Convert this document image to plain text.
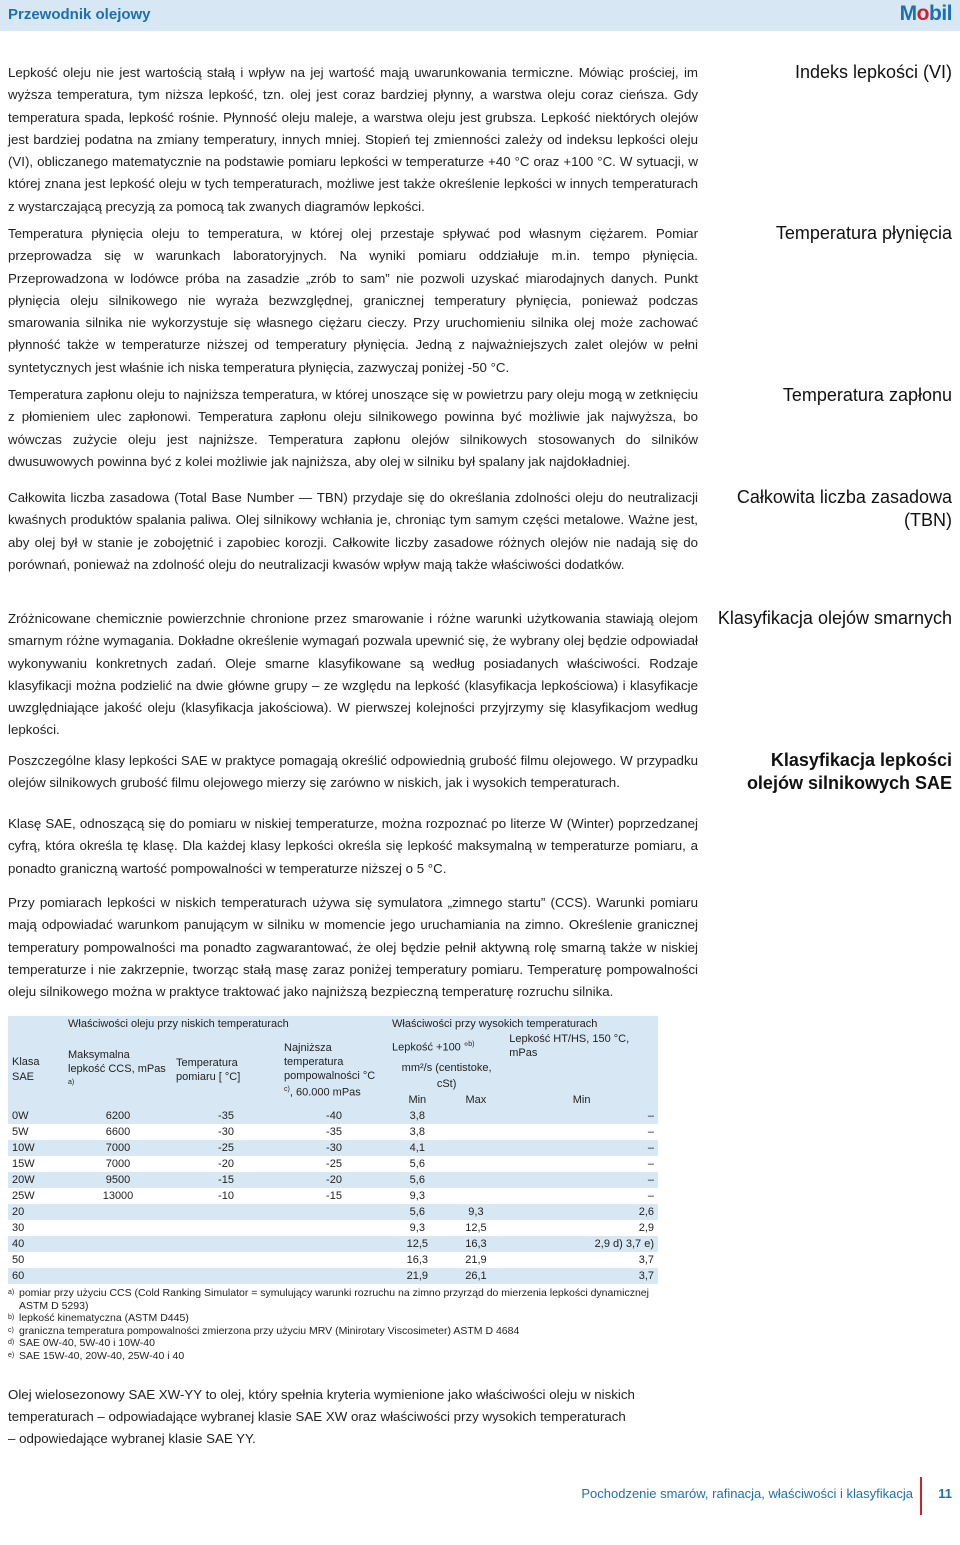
Przewodnik olejowy	Mobil

Lepkość oleju nie jest wartością stałą i wpływ na jej wartość mają uwarunkowania termiczne. Mówiąc prościej, im wyższa temperatura, tym niższa lepkość, tzn. olej jest coraz bardziej płynny, a warstwa oleju coraz cieńsza. Gdy temperatura spada, lepkość rośnie. Płynność oleju maleje, a warstwa oleju jest grubsza. Lepkość niektórych olejów jest bardziej podatna na zmiany temperatury, innych mniej. Stopień tej zmienności zależy od indeksu lepkości oleju (VI), obliczanego matematycznie na podstawie pomiaru lepkości w temperaturze +40 °C oraz +100 °C. W sytuacji, w której znana jest lepkość oleju w tych temperaturach, możliwe jest także określenie lepkości w innych temperaturach z wystarczającą precyzją za pomocą tak zwanych diagramów lepkości.

Indeks lepkości (VI)

Temperatura płynięcia oleju to temperatura, w której olej przestaje spływać pod własnym ciężarem. Pomiar przeprowadza się w warunkach laboratoryjnych. Na wyniki pomiaru oddziałuje m.in. tempo płynięcia. Przeprowadzona w lodówce próba na zasadzie „zrób to sam” nie pozwoli uzyskać miarodajnych danych. Punkt płynięcia oleju silnikowego nie wyraża bezwzględnej, granicznej temperatury płynięcia, ponieważ podczas smarowania silnika nie wykorzystuje się własnego ciężaru cieczy. Przy uruchomieniu silnika olej może zachować płynność także w temperaturze niższej od temperatury płynięcia. Jedną z najważniejszych zalet olejów w pełni syntetycznych jest właśnie ich niska temperatura płynięcia, zazwyczaj poniżej -50 °C.

Temperatura płynięcia

Temperatura zapłonu oleju to najniższa temperatura, w której unoszące się w powietrzu pary oleju mogą w zetknięciu z płomieniem ulec zapłonowi. Temperatura zapłonu oleju silnikowego powinna być możliwie jak najwyższa, bo wówczas zużycie oleju jest najniższe. Temperatura zapłonu olejów silnikowych stosowanych do silników dwusuwowych powinna być z kolei możliwie jak najniższa, aby olej w silniku był spalany jak najdokładniej.

Temperatura zapłonu

Całkowita liczba zasadowa (Total Base Number — TBN) przydaje się do określania zdolności oleju do neutralizacji kwaśnych produktów spalania paliwa. Olej silnikowy wchłania je, chroniąc tym samym części metalowe. Ważne jest, aby olej był w stanie je zobojętnić i zapobiec korozji. Całkowite liczby zasadowe różnych olejów nie nadają się do porównań, ponieważ na zdolność oleju do neutralizacji kwasów wpływ mają także właściwości dodatków.

Całkowita liczba zasadowa (TBN)

Zróżnicowane chemicznie powierzchnie chronione przez smarowanie i różne warunki użytkowania stawiają olejom smarnym różne wymagania. Dokładne określenie wymagań pozwala upewnić się, że wybrany olej będzie odpowiadał wykonywaniu konkretnych zadań. Oleje smarne klasyfikowane są według posiadanych właściwości. Rodzaje klasyfikacji można podzielić na dwie główne grupy – ze względu na lepkość (klasyfikacja lepkościowa) i klasyfikacje uwzględniające jakość oleju (klasyfikacja jakościowa). W pierwszej kolejności przyjrzymy się klasyfikacjom według lepkości.

Klasyfikacja olejów smarnych

Poszczególne klasy lepkości SAE w praktyce pomagają określić odpowiednią grubość filmu olejowego. W przypadku olejów silnikowych grubość filmu olejowego mierzy się zarówno w niskich, jak i wysokich temperaturach.

Klasyfikacja lepkości olejów silnikowych SAE

Klasę SAE, odnoszącą się do pomiaru w niskiej temperaturze, można rozpoznać po literze W (Winter) poprzedzanej cyfrą, która określa tę klasę. Dla każdej klasy lepkości określa się lepkość maksymalną w temperaturze pomiaru, a ponadto graniczną wartość pompowalności w temperaturze niższej o 5 °C.

Przy pomiarach lepkości w niskich temperaturach używa się symulatora „zimnego startu” (CCS). Warunki pomiaru mają odpowiadać warunkom panującym w silniku w momencie jego uruchamiania na zimno. Określenie granicznej temperatury pompowalności ma ponadto zagwarantować, że olej będzie pełnił aktywną rolę smarną także w niskiej temperaturze i nie zakrzepnie, tworząc stałą masę zaraz poniżej temperatury pomiaru. Temperaturę pompowalności oleju silnikowego można w praktyce traktować jako najniższą bezpieczną temperaturę rozruchu silnika.

	Właściwości oleju przy niskich temperaturach			Właściwości przy wysokich temperaturach		
Klasa SAE	Maksymalna lepkość CCS, mPas $^{a)}$	Temperatura pomiaru [ °C]	Najniższa temperatura pompowalności °C $^{c)}$, 60.000 mPas	Lepkość +100 °$^{b)}$		Lepkość HT/HS, 150 °C, mPas
				mm²/s (centistoke, cSt)		
				Min	Max	Min
0W	6200	-35	-40	3,8		–
5W	6600	-30	-35	3,8		–
10W	7000	-25	-30	4,1		–
15W	7000	-20	-25	5,6		–
20W	9500	-15	-20	5,6		–
25W	13000	-10	-15	9,3		–
20				5,6	9,3	2,6
30				9,3	12,5	2,9
40				12,5	16,3	2,9 d) 3,7 e)
50				16,3	21,9	3,7
60				21,9	26,1	3,7
a) pomiar przy użyciu CCS (Cold Ranking Simulator = symulujący warunki rozruchu na zimno przyrząd do mierzenia lepkości dynamicznej
ASTM D 5293)
b) lepkość kinematyczna (ASTM D445)
c) graniczna temperatura pompowalności zmierzona przy użyciu MRV (Minirotary Viscosimeter) ASTM D 4684
d) SAE 0W-40, 5W-40 i 10W-40
e) SAE 15W-40, 20W-40, 25W-40 i 40

Olej wielosezonowy SAE XW-YY to olej, który spełnia kryteria wymienione jako właściwości oleju w niskich

temperaturach – odpowiadające wybranej klasie SAE XW oraz właściwości przy wysokich temperaturach

– odpowiedające wybranej klasie SAE YY.

Pochodzenie smarów, rafinacja, właściwości i klasyfikacja 11
